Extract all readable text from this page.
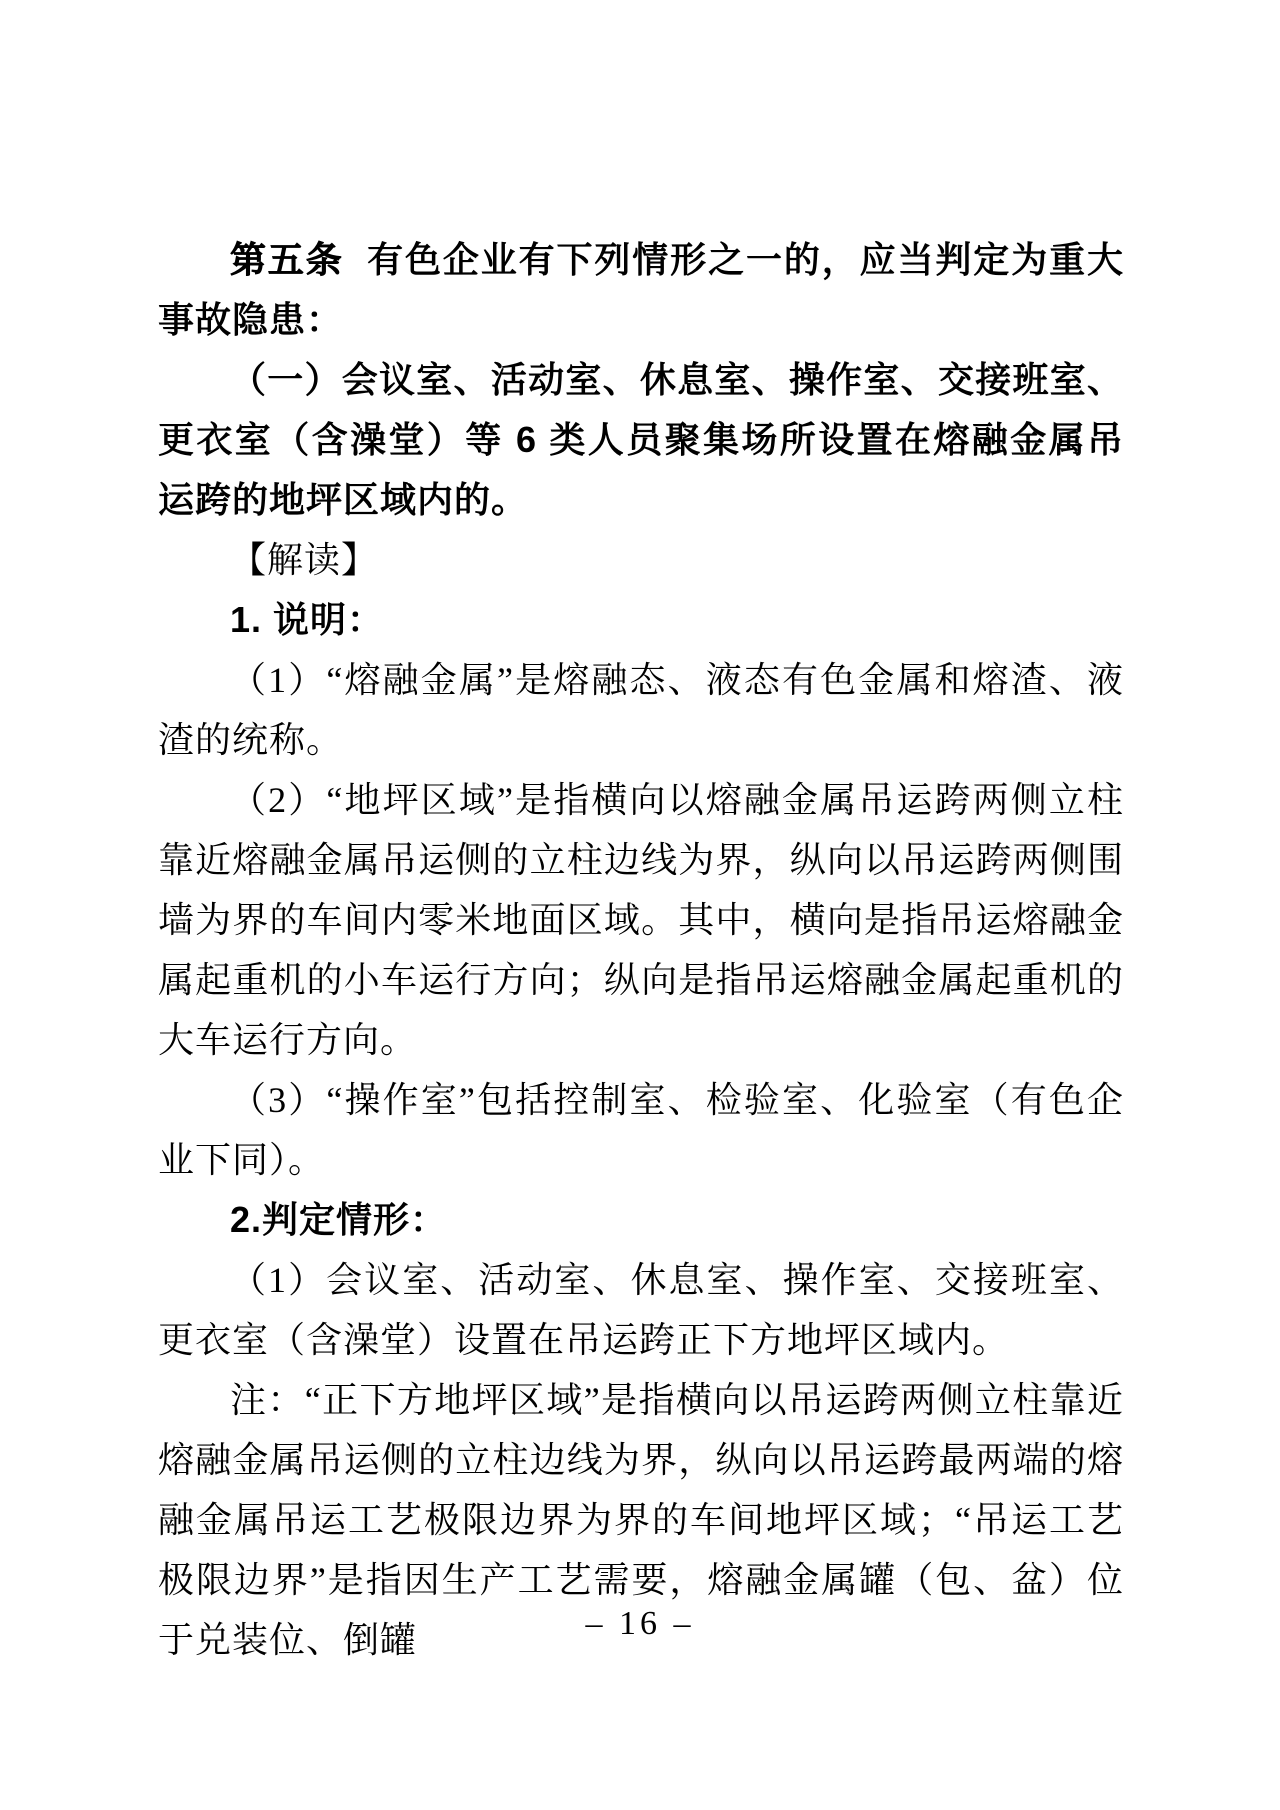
第五条 有色企业有下列情形之一的，应当判定为重大事故隐患：

（一）会议室、活动室、休息室、操作室、交接班室、更衣室（含澡堂）等 6 类人员聚集场所设置在熔融金属吊运跨的地坪区域内的。

【解读】

1. 说明：

（1）“熔融金属”是熔融态、液态有色金属和熔渣、液渣的统称。

（2）“地坪区域”是指横向以熔融金属吊运跨两侧立柱靠近熔融金属吊运侧的立柱边线为界，纵向以吊运跨两侧围墙为界的车间内零米地面区域。其中，横向是指吊运熔融金属起重机的小车运行方向；纵向是指吊运熔融金属起重机的大车运行方向。

（3）“操作室”包括控制室、检验室、化验室（有色企业下同）。

2.判定情形：

（1）会议室、活动室、休息室、操作室、交接班室、更衣室（含澡堂）设置在吊运跨正下方地坪区域内。

注：“正下方地坪区域”是指横向以吊运跨两侧立柱靠近熔融金属吊运侧的立柱边线为界，纵向以吊运跨最两端的熔融金属吊运工艺极限边界为界的车间地坪区域；“吊运工艺极限边界”是指因生产工艺需要，熔融金属罐（包、盆）位于兑装位、倒罐	– 16 –
